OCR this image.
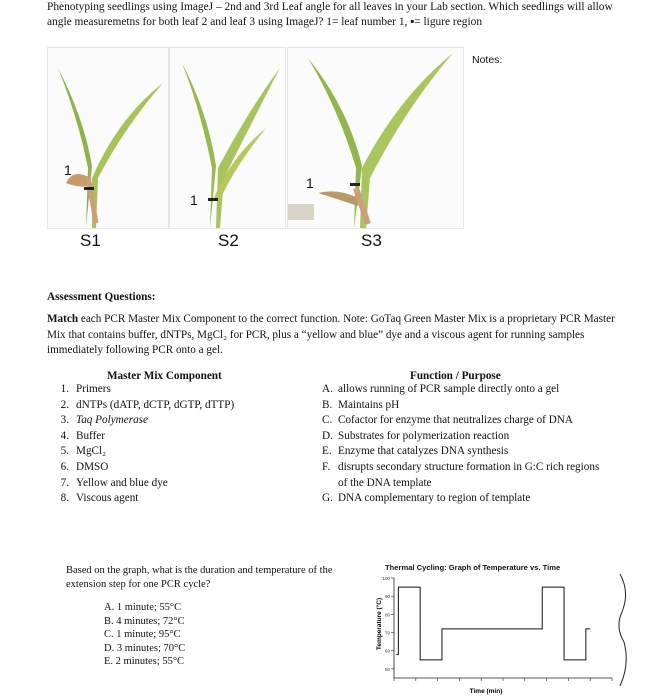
Phenotyping seedlings using ImageJ – 2nd and 3rd Leaf angle for all leaves in your Lab section. Which seedlings will allow
angle measuremetns for both leaf 2 and leaf 3 using ImageJ? 1= leaf number 1, ▪= ligure region
Notes:
1
1
1
S1	S2	S3
Assessment Questions:
Match each PCR Master Mix Component to the correct function. Note: GoTaq Green Master Mix is a proprietary PCR Master Mix that contains buffer, dNTPs, MgCl₂ for PCR, plus a “yellow and blue” dye and a viscous agent for running samples immediately following PCR onto a gel.
Master Mix Component
1. Primers
2. dNTPs (dATP, dCTP, dGTP, dTTP)
3. Taq Polymerase
4. Buffer
5. MgCl₂
6. DMSO
7. Yellow and blue dye
8. Viscous agent
Function / Purpose
A. allows running of PCR sample directly onto a gel
B. Maintains pH
C. Cofactor for enzyme that neutralizes charge of DNA
D. Substrates for polymerization reaction
E. Enzyme that catalyzes DNA synthesis
F. disrupts secondary structure formation in G:C rich regions of the DNA template
G. DNA complementary to region of template
Based on the graph, what is the duration and temperature of the extension step for one PCR cycle?
A. 1 minute; 55°C
B. 4 minutes; 72°C
C. 1 minute; 95°C
D. 3 minutes; 70°C
E. 2 minutes; 55°C
Thermal Cycling: Graph of Temperature vs. Time
100
90
80
70
60
50
Temperature (°C)
Time (min)
